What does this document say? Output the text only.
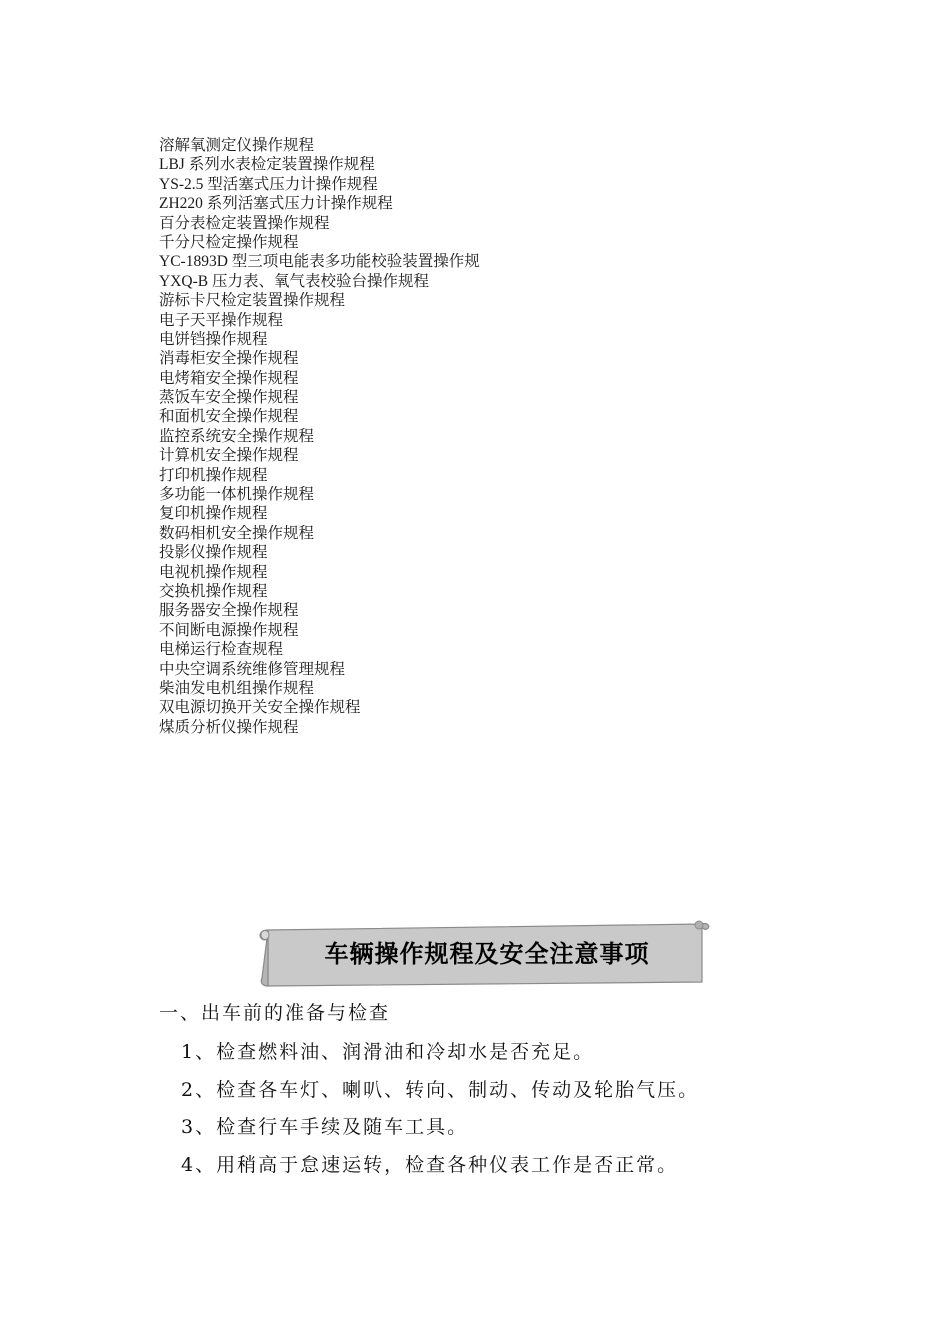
溶解氧测定仪操作规程
LBJ 系列水表检定装置操作规程
YS-2.5 型活塞式压力计操作规程
ZH220 系列活塞式压力计操作规程
百分表检定装置操作规程
千分尺检定操作规程
YC-1893D 型三项电能表多功能校验装置操作规
YXQ-B 压力表、氧气表校验台操作规程
游标卡尺检定装置操作规程
电子天平操作规程
电饼铛操作规程
消毒柜安全操作规程
电烤箱安全操作规程
蒸饭车安全操作规程
和面机安全操作规程
监控系统安全操作规程
计算机安全操作规程
打印机操作规程
多功能一体机操作规程
复印机操作规程
数码相机安全操作规程
投影仪操作规程
电视机操作规程
交换机操作规程
服务器安全操作规程
不间断电源操作规程
电梯运行检查规程
中央空调系统维修管理规程
柴油发电机组操作规程
双电源切换开关安全操作规程
煤质分析仪操作规程
车辆操作规程及安全注意事项
一、出车前的准备与检查
1、检查燃料油、润滑油和冷却水是否充足。
2、检查各车灯、喇叭、转向、制动、传动及轮胎气压。
3、检查行车手续及随车工具。
4、用稍高于怠速运转，检查各种仪表工作是否正常。
